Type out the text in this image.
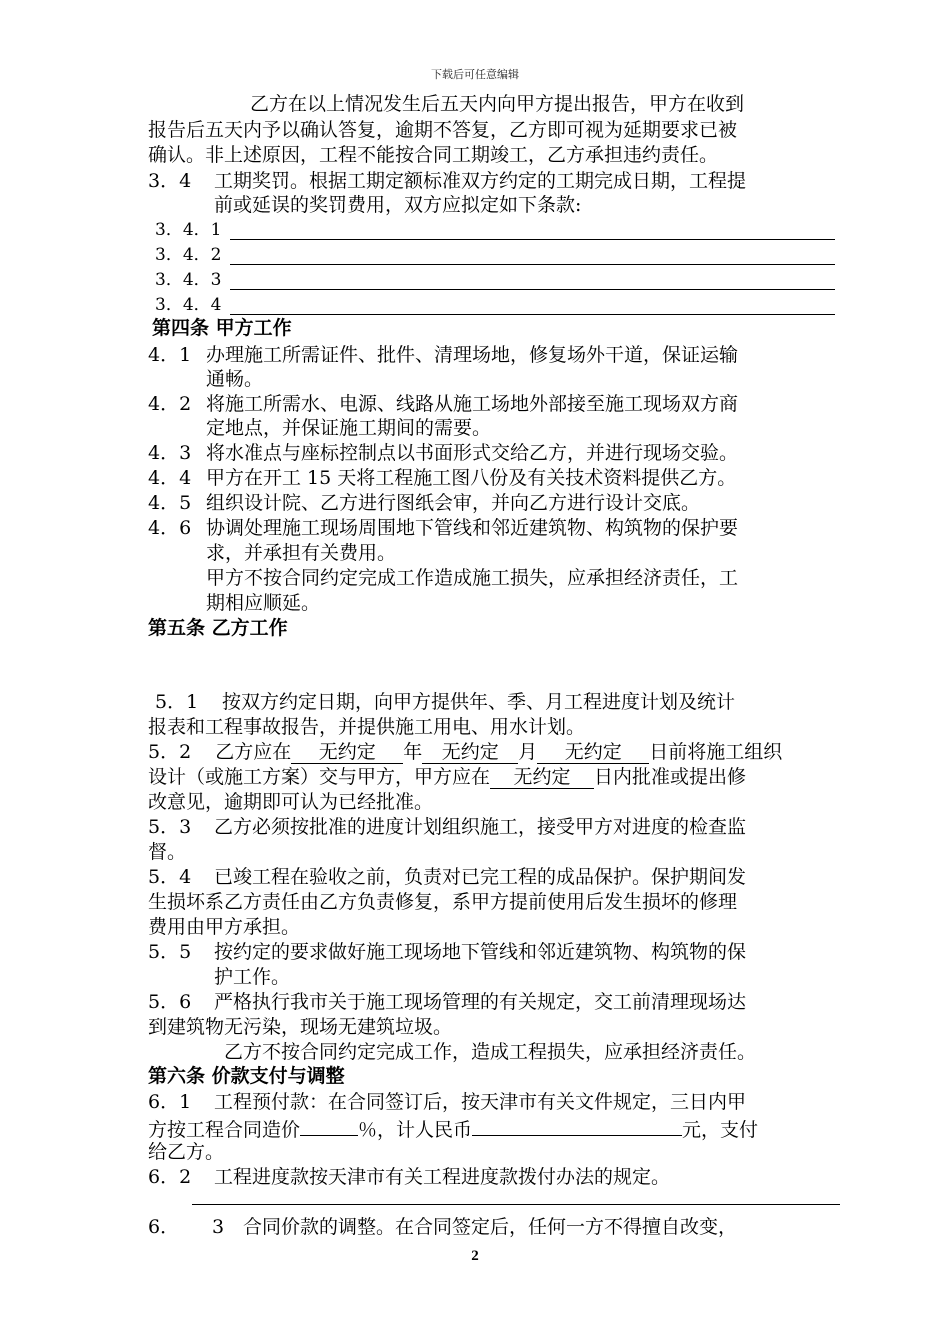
下载后可任意编辑
乙方在以上情况发生后五天内向甲方提出报告，甲方在收到
报告后五天内予以确认答复，逾期不答复，乙方即可视为延期要求已被
确认。非上述原因，工程不能按合同工期竣工，乙方承担违约责任。
3．4 工期奖罚。根据工期定额标准双方约定的工期完成日期，工程提
前或延误的奖罚费用，双方应拟定如下条款:
3．4．1
3．4．2
3．4．3
3．4．4
第四条 甲方工作
4．1 办理施工所需证件、批件、清理场地，修复场外干道，保证运输
通畅。
4．2 将施工所需水、电源、线路从施工场地外部接至施工现场双方商
定地点，并保证施工期间的需要。
4．3 将水准点与座标控制点以书面形式交给乙方，并进行现场交验。
4．4 甲方在开工 15 天将工程施工图八份及有关技术资料提供乙方。
4．5 组织设计院、乙方进行图纸会审，并向乙方进行设计交底。
4．6 协调处理施工现场周围地下管线和邻近建筑物、构筑物的保护要
求，并承担有关费用。
甲方不按合同约定完成工作造成施工损失，应承担经济责任，工
期相应顺延。
第五条 乙方工作
5．1 按双方约定日期，向甲方提供年、季、月工程进度计划及统计
报表和工程事故报告，并提供施工用电、用水计划。
5．2 乙方应在 无约定 年 无约定 月 无约定 日前将施工组织
设计（或施工方案）交与甲方，甲方应在 无约定 日内批准或提出修
改意见，逾期即可认为已经批准。
5．3 乙方必须按批准的进度计划组织施工，接受甲方对进度的检查监
督。
5．4 已竣工程在验收之前，负责对已完工程的成品保护。保护期间发
生损坏系乙方责任由乙方负责修复，系甲方提前使用后发生损坏的修理
费用由甲方承担。
5．5 按约定的要求做好施工现场地下管线和邻近建筑物、构筑物的保
护工作。
5．6 严格执行我市关于施工现场管理的有关规定，交工前清理现场达
到建筑物无污染，现场无建筑垃圾。
乙方不按合同约定完成工作，造成工程损失，应承担经济责任。
第六条 价款支付与调整
6．1 工程预付款：在合同签订后，按天津市有关文件规定，三日内甲
方按工程合同造价	％，计人民币	元，支付
给乙方。
6．2 工程进度款按天津市有关工程进度款拨付办法的规定。
6． 3 合同价款的调整。在合同签定后，任何一方不得擅自改变，
2
